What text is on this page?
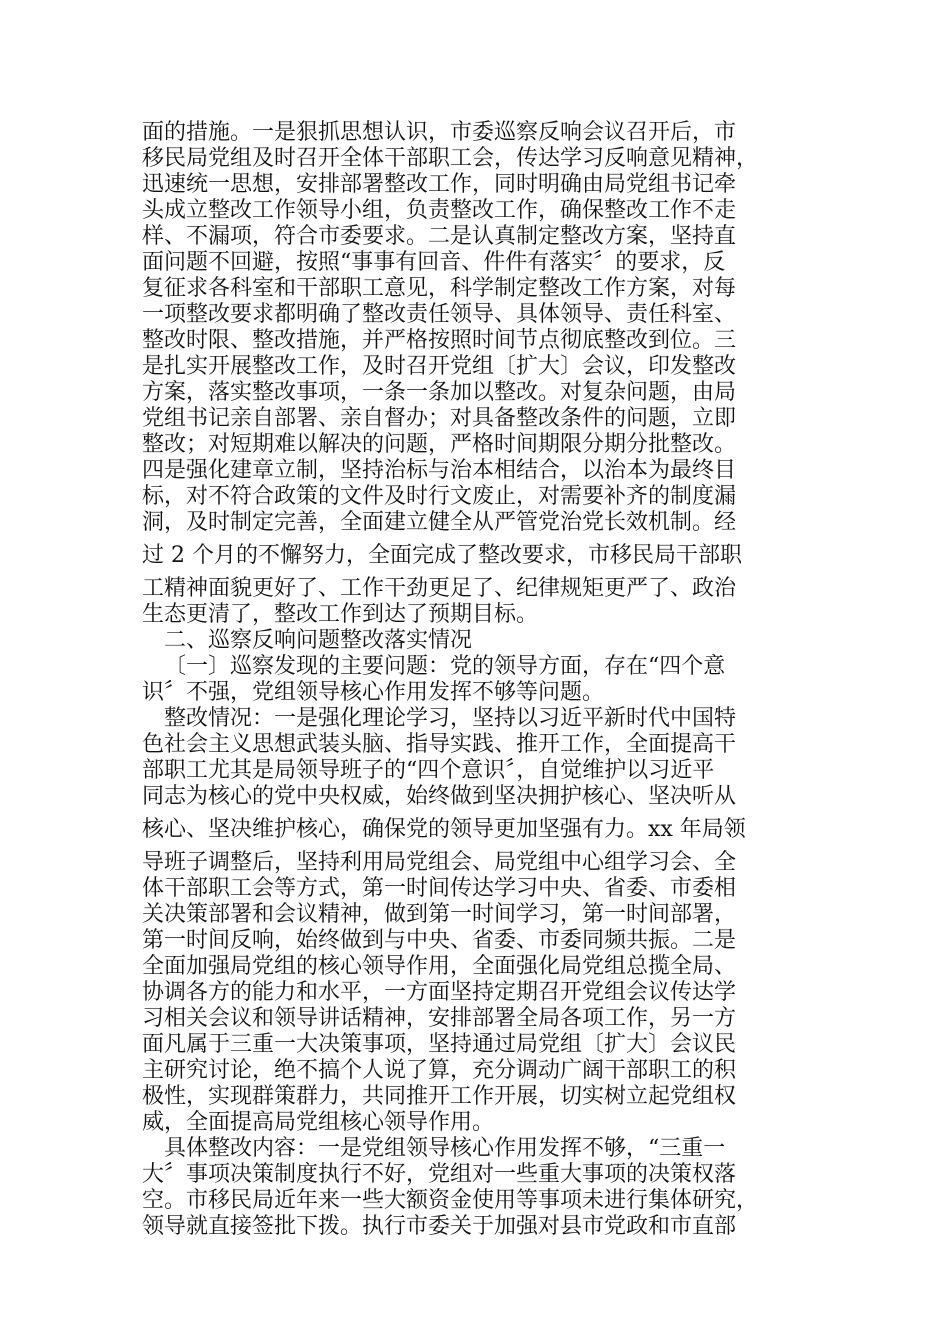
面的措施。一是狠抓思想认识，市委巡察反响会议召开后，市

移民局党组及时召开全体干部职工会，传达学习反响意见精神，

迅速统一思想，安排部署整改工作，同时明确由局党组书记牵

头成立整改工作领导小组，负责整改工作，确保整改工作不走

样、不漏项，符合市委要求。二是认真制定整改方案，坚持直

面问题不回避，按照“事事有回音、件件有落实〞的要求，反

复征求各科室和干部职工意见，科学制定整改工作方案，对每

一项整改要求都明确了整改责任领导、具体领导、责任科室、

整改时限、整改措施，并严格按照时间节点彻底整改到位。三

是扎实开展整改工作，及时召开党组〔扩大〕会议，印发整改

方案，落实整改事项，一条一条加以整改。对复杂问题，由局

党组书记亲自部署、亲自督办；对具备整改条件的问题，立即

整改；对短期难以解决的问题，严格时间期限分期分批整改。

四是强化建章立制，坚持治标与治本相结合，以治本为最终目

标，对不符合政策的文件及时行文废止，对需要补齐的制度漏

洞，及时制定完善，全面建立健全从严管党治党长效机制。经

过 2 个月的不懈努力，全面完成了整改要求，市移民局干部职

工精神面貌更好了、工作干劲更足了、纪律规矩更严了、政治

生态更清了，整改工作到达了预期目标。

二、巡察反响问题整改落实情况

〔一〕巡察发现的主要问题：党的领导方面，存在“四个意

识〞不强，党组领导核心作用发挥不够等问题。

整改情况：一是强化理论学习，坚持以习近平新时代中国特

色社会主义思想武装头脑、指导实践、推开工作，全面提高干

部职工尤其是局领导班子的“四个意识〞，自觉维护以习近平

同志为核心的党中央权威，始终做到坚决拥护核心、坚决听从

核心、坚决维护核心，确保党的领导更加坚强有力。xx 年局领

导班子调整后，坚持利用局党组会、局党组中心组学习会、全

体干部职工会等方式，第一时间传达学习中央、省委、市委相

关决策部署和会议精神，做到第一时间学习，第一时间部署，

第一时间反响，始终做到与中央、省委、市委同频共振。二是

全面加强局党组的核心领导作用，全面强化局党组总揽全局、

协调各方的能力和水平，一方面坚持定期召开党组会议传达学

习相关会议和领导讲话精神，安排部署全局各项工作，另一方

面凡属于三重一大决策事项，坚持通过局党组〔扩大〕会议民

主研究讨论，绝不搞个人说了算，充分调动广阔干部职工的积

极性，实现群策群力，共同推开工作开展，切实树立起党组权

威，全面提高局党组核心领导作用。

具体整改内容：一是党组领导核心作用发挥不够，“三重一

大〞事项决策制度执行不好，党组对一些重大事项的决策权落

空。市移民局近年来一些大额资金使用等事项未进行集体研究，

领导就直接签批下拨。执行市委关于加强对县市党政和市直部
